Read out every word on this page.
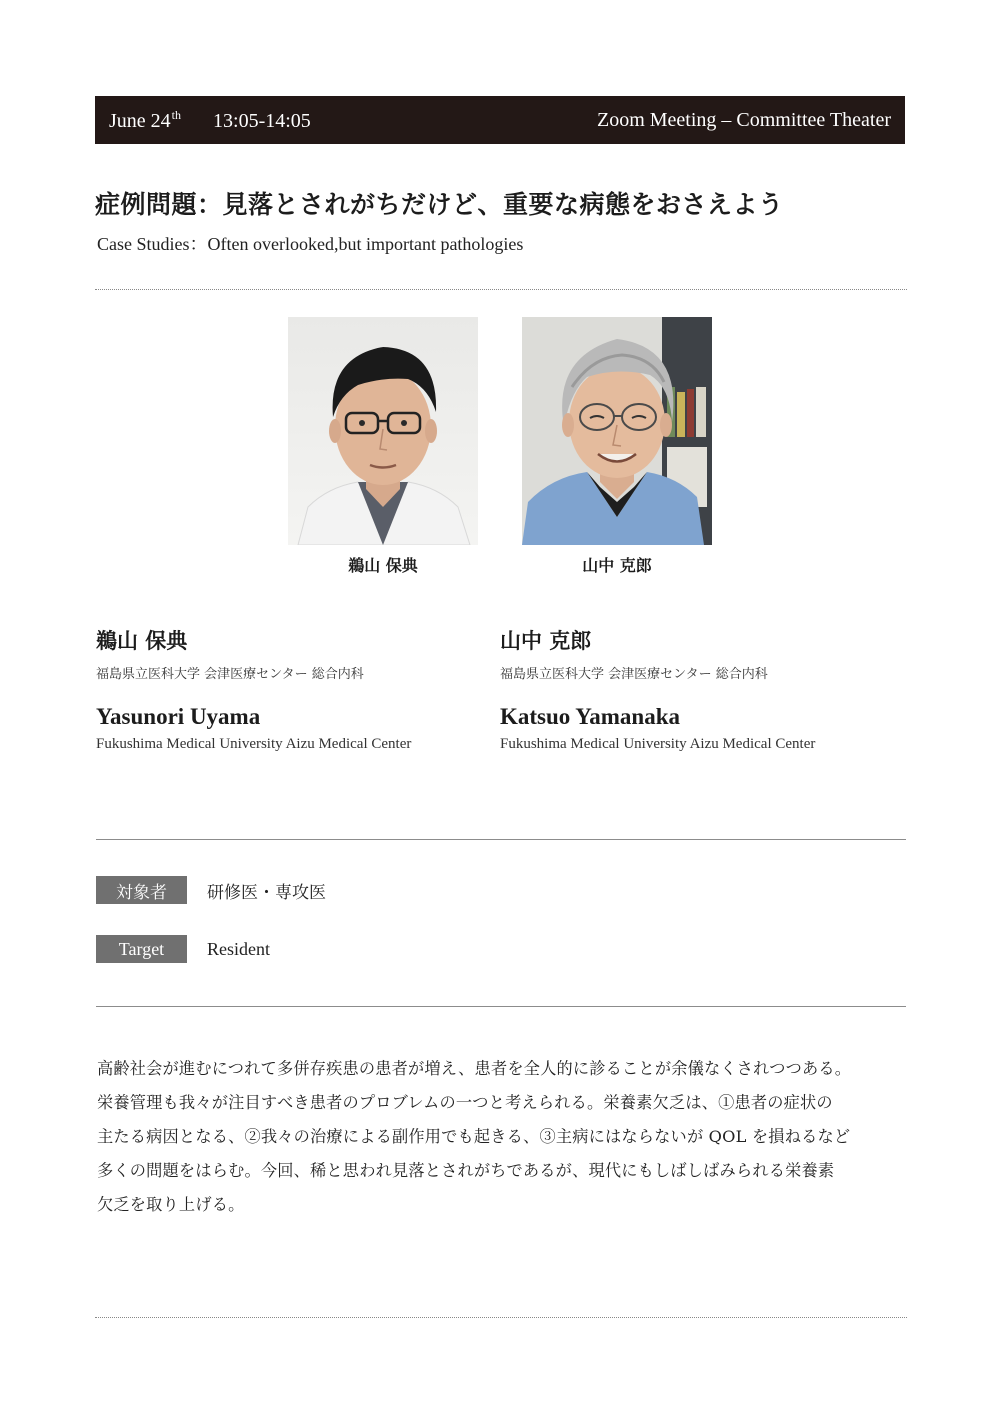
June 24th 13:05-14:05	Zoom Meeting – Committee Theater
症例問題：見落とされがちだけど、重要な病態をおさえよう
Case Studies：Often overlooked,but important pathologies
鵜山 保典	山中 克郎
鵜山 保典
福島県立医科大学 会津医療センター 総合内科
Yasunori Uyama
Fukushima Medical University Aizu Medical Center
山中 克郎
福島県立医科大学 会津医療センター 総合内科
Katsuo Yamanaka
Fukushima Medical University Aizu Medical Center
対象者	研修医・専攻医
Target	Resident
高齢社会が進むにつれて多併存疾患の患者が増え、患者を全人的に診ることが余儀なくされつつある。
栄養管理も我々が注目すべき患者のプロブレムの一つと考えられる。栄養素欠乏は、①患者の症状の
主たる病因となる、②我々の治療による副作用でも起きる、③主病にはならないが QOL を損ねるなど
多くの問題をはらむ。今回、稀と思われ見落とされがちであるが、現代にもしばしばみられる栄養素
欠乏を取り上げる。
